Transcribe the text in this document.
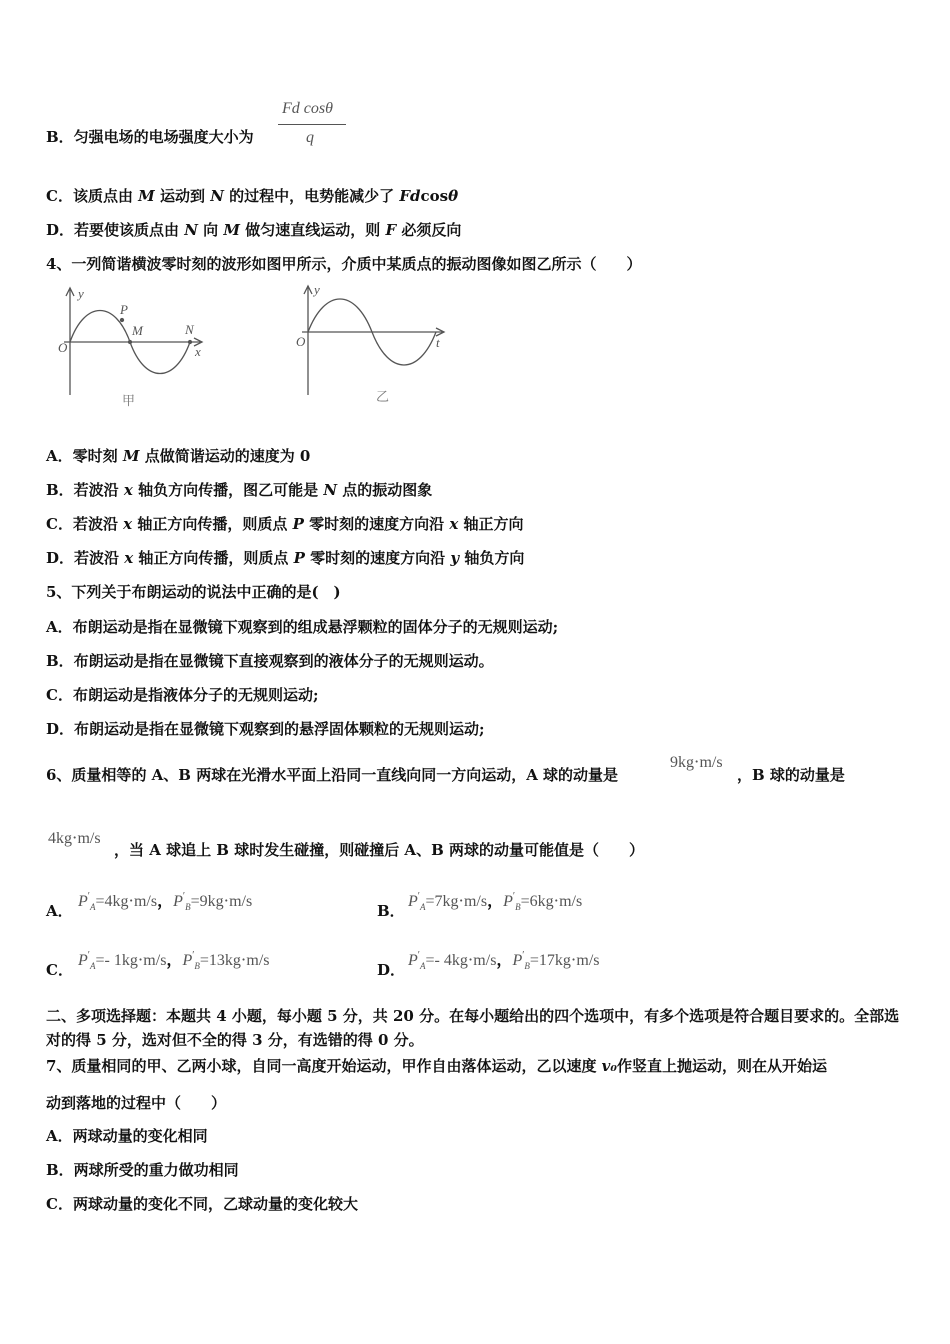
B．匀强电场的电场强度大小为
Fd cosθ
q
C．该质点由 M 运动到 N 的过程中，电势能减少了 Fdcosθ
D．若要使该质点由 N 向 M 做匀速直线运动，则 F 必须反向
4、一列简谐横波零时刻的波形如图甲所示，介质中某质点的振动图像如图乙所示（　　）
y
O	x
P
M	N
甲
y
O	t
乙
A．零时刻 M 点做简谐运动的速度为 0
B．若波沿 x 轴负方向传播，图乙可能是 N 点的振动图象
C．若波沿 x 轴正方向传播，则质点 P 零时刻的速度方向沿 x 轴正方向
D．若波沿 x 轴正方向传播，则质点 P 零时刻的速度方向沿 y 轴负方向
5、下列关于布朗运动的说法中正确的是(　)
A．布朗运动是指在显微镜下观察到的组成悬浮颗粒的固体分子的无规则运动;
B．布朗运动是指在显微镜下直接观察到的液体分子的无规则运动。
C．布朗运动是指液体分子的无规则运动;
D．布朗运动是指在显微镜下观察到的悬浮固体颗粒的无规则运动;
6、质量相等的 A、B 两球在光滑水平面上沿同一直线向同一方向运动，A 球的动量是
9kg⋅m/s
，B 球的动量是
4kg⋅m/s
，当 A 球追上 B 球时发生碰撞，则碰撞后 A、B 两球的动量可能值是（　　）
A．
$P'_A=4kg\cdot m/s$，$P'_B=9kg\cdot m/s$
B．
$P'_A=7kg\cdot m/s$，$P'_B=6kg\cdot m/s$
C．
$P'_A=-$ 1kg⋅m/s，$P'_B=13kg\cdot m/s$
D．
$P'_A=-$ 4kg⋅m/s，$P'_B=17kg\cdot m/s$
二、多项选择题：本题共 4 小题，每小题 5 分，共 20 分。在每小题给出的四个选项中，有多个选项是符合题目要求的。全部选对的得 5 分，选对但不全的得 3 分，有选错的得 0 分。
7、质量相同的甲、乙两小球，自同一高度开始运动，甲作自由落体运动，乙以速度 v₀作竖直上抛运动，则在从开始运
动到落地的过程中（　　）
A．两球动量的变化相同
B．两球所受的重力做功相同
C．两球动量的变化不同，乙球动量的变化较大
